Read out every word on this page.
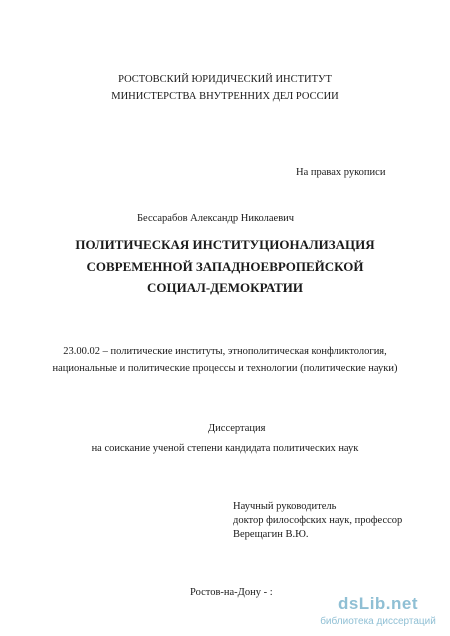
РОСТОВСКИЙ ЮРИДИЧЕСКИЙ ИНСТИТУТ
МИНИСТЕРСТВА ВНУТРЕННИХ ДЕЛ РОССИИ
На правах рукописи
Бессарабов Александр Николаевич
ПОЛИТИЧЕСКАЯ ИНСТИТУЦИОНАЛИЗАЦИЯ
СОВРЕМЕННОЙ ЗАПАДНОЕВРОПЕЙСКОЙ
СОЦИАЛ-ДЕМОКРАТИИ
23.00.02 – политические институты, этнополитическая конфликтология,
национальные и политические процессы и технологии (политические науки)
Диссертация
на соискание ученой степени кандидата политических наук
Научный руководитель
доктор философских наук, профессор
Верещагин В.Ю.
Ростов-на-Дону - :
dsLib.net
библиотека диссертаций
